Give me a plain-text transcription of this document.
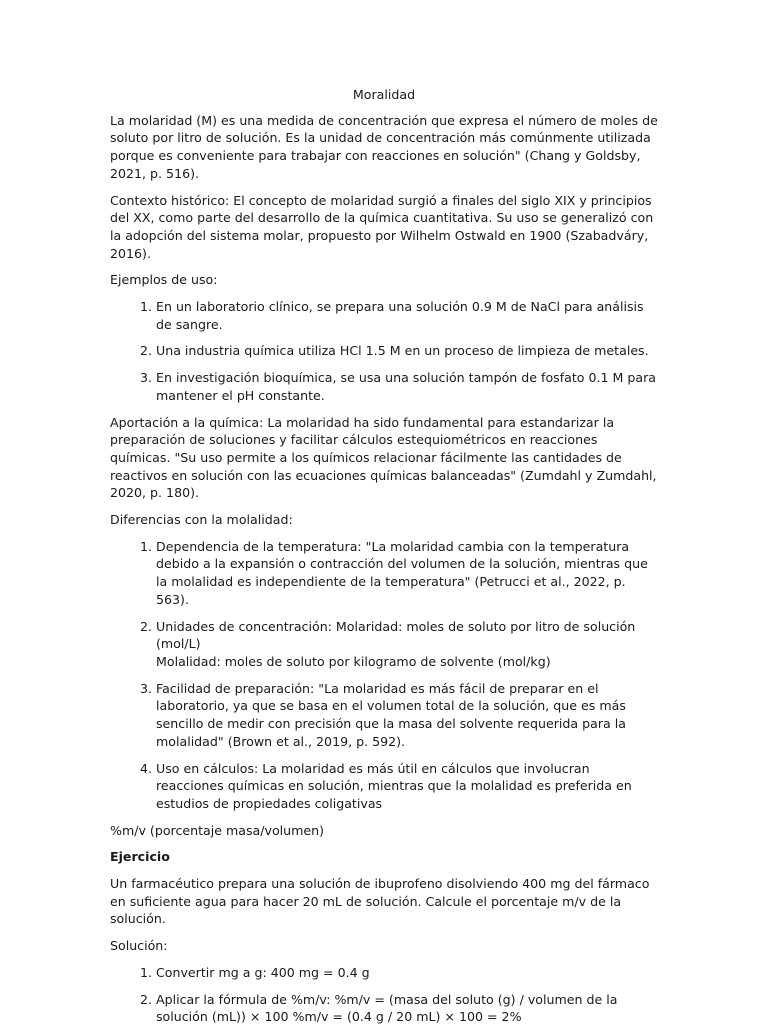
Moralidad

La molaridad (M) es una medida de concentración que expresa el número de moles de soluto por litro de solución. Es la unidad de concentración más comúnmente utilizada porque es conveniente para trabajar con reacciones en solución" (Chang y Goldsby, 2021, p. 516).

Contexto histórico: El concepto de molaridad surgió a finales del siglo XIX y principios del XX, como parte del desarrollo de la química cuantitativa. Su uso se generalizó con la adopción del sistema molar, propuesto por Wilhelm Ostwald en 1900 (Szabadváry, 2016).

Ejemplos de uso:

1. En un laboratorio clínico, se prepara una solución 0.9 M de NaCl para análisis de sangre.
2. Una industria química utiliza HCl 1.5 M en un proceso de limpieza de metales.
3. En investigación bioquímica, se usa una solución tampón de fosfato 0.1 M para mantener el pH constante.

Aportación a la química: La molaridad ha sido fundamental para estandarizar la preparación de soluciones y facilitar cálculos estequiométricos en reacciones químicas. "Su uso permite a los químicos relacionar fácilmente las cantidades de reactivos en solución con las ecuaciones químicas balanceadas" (Zumdahl y Zumdahl, 2020, p. 180).

Diferencias con la molalidad:

1. Dependencia de la temperatura: "La molaridad cambia con la temperatura debido a la expansión o contracción del volumen de la solución, mientras que la molalidad es independiente de la temperatura" (Petrucci et al., 2022, p. 563).
2. Unidades de concentración: Molaridad: moles de soluto por litro de solución (mol/L)
Molalidad: moles de soluto por kilogramo de solvente (mol/kg)
3. Facilidad de preparación: "La molaridad es más fácil de preparar en el laboratorio, ya que se basa en el volumen total de la solución, que es más sencillo de medir con precisión que la masa del solvente requerida para la molalidad" (Brown et al., 2019, p. 592).
4. Uso en cálculos: La molaridad es más útil en cálculos que involucran reacciones químicas en solución, mientras que la molalidad es preferida en estudios de propiedades coligativas

%m/v (porcentaje masa/volumen)

Ejercicio

Un farmacéutico prepara una solución de ibuprofeno disolviendo 400 mg del fármaco en suficiente agua para hacer 20 mL de solución. Calcule el porcentaje m/v de la solución.

Solución:

1. Convertir mg a g: 400 mg = 0.4 g
2. Aplicar la fórmula de %m/v: %m/v = (masa del soluto (g) / volumen de la solución (mL)) × 100 %m/v = (0.4 g / 20 mL) × 100 = 2%
